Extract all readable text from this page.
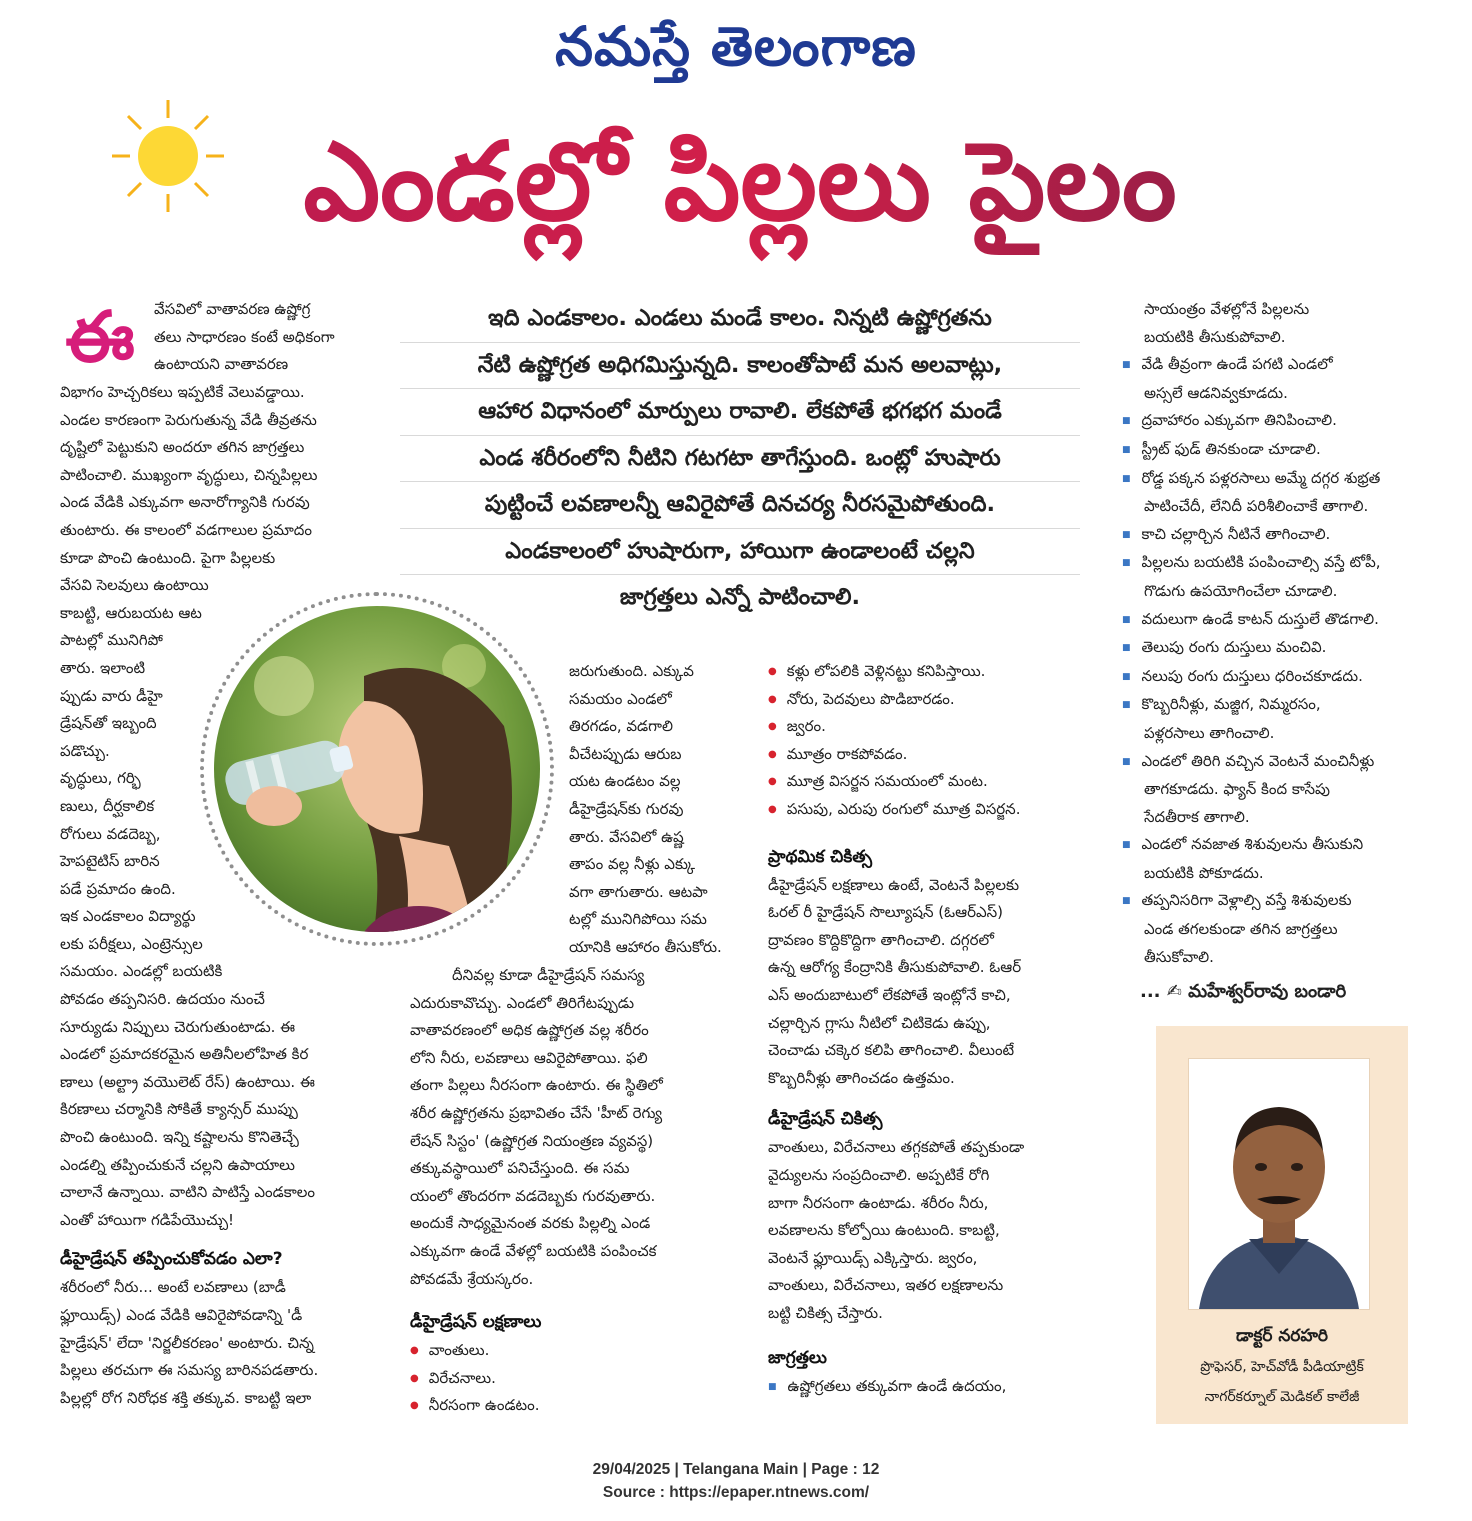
నమస్తే తెలంగాణ
ఎండల్లో పిల్లలు పైలం
ఈ	వేసవిలో వాతావరణ ఉష్ణోగ్ర

తలు సాధారణం కంటే అధికంగా

ఉంటాయని వాతావరణ

విభాగం హెచ్చరికలు ఇప్పటికే వెలువడ్డాయి.

ఎండల కారణంగా పెరుగుతున్న వేడి తీవ్రతను

దృష్టిలో పెట్టుకుని అందరూ తగిన జాగ్రత్తలు

పాటించాలి. ముఖ్యంగా వృద్ధులు, చిన్నపిల్లలు

ఎండ వేడికి ఎక్కువగా అనారోగ్యానికి గురవు

తుంటారు. ఈ కాలంలో వడగాలుల ప్రమాదం

కూడా పొంచి ఉంటుంది. పైగా పిల్లలకు

వేసవి సెలవులు ఉంటాయి

కాబట్టి, ఆరుబయట ఆట

పాటల్లో మునిగిపో

తారు. ఇలాంటి

ప్పుడు వారు డీహై

డ్రేషన్‌తో ఇబ్బంది

పడొచ్చు.

వృద్ధులు, గర్భి

ణులు, దీర్ఘకాలిక

రోగులు వడదెబ్బ,

హెపటైటిస్ బారిన

పడే ప్రమాదం ఉంది.

ఇక ఎండకాలం విద్యార్థు

లకు పరీక్షలు, ఎంట్రెన్సుల

సమయం. ఎండల్లో బయటికి

పోవడం తప్పనిసరి. ఉదయం నుంచే

సూర్యుడు నిప్పులు చెరుగుతుంటాడు. ఈ

ఎండలో ప్రమాదకరమైన అతినీలలోహిత కిర

ణాలు (అల్ట్రా వయొలెట్ రేస్) ఉంటాయి. ఈ

కిరణాలు చర్మానికి సోకితే క్యాన్సర్ ముప్పు

పొంచి ఉంటుంది. ఇన్ని కష్టాలను కొనితెచ్చే

ఎండల్ని తప్పించుకునే చల్లని ఉపాయాలు

చాలానే ఉన్నాయి. వాటిని పాటిస్తే ఎండకాలం

ఎంతో హాయిగా గడిపేయొచ్చు!

డీహైడ్రేషన్ తప్పించుకోవడం ఎలా?

శరీరంలో నీరు... అంటే లవణాలు (బాడీ

ఫ్లూయిడ్స్) ఎండ వేడికి ఆవిరైపోవడాన్ని 'డీ

హైడ్రేషన్' లేదా 'నిర్జలీకరణం' అంటారు. చిన్న

పిల్లలు తరచుగా ఈ సమస్య బారినపడతారు.

పిల్లల్లో రోగ నిరోధక శక్తి తక్కువ. కాబట్టి ఇలా

ఇది ఎండకాలం. ఎండలు మండే కాలం. నిన్నటి ఉష్ణోగ్రతను
నేటి ఉష్ణోగ్రత అధిగమిస్తున్నది. కాలంతోపాటే మన అలవాట్లు,
ఆహార విధానంలో మార్పులు రావాలి. లేకపోతే భగభగ మండే
ఎండ శరీరంలోని నీటిని గటగటా తాగేస్తుంది. ఒంట్లో హుషారు
పుట్టించే లవణాలన్నీ ఆవిరైపోతే దినచర్య నీరసమైపోతుంది.
ఎండకాలంలో హుషారుగా, హాయిగా ఉండాలంటే చల్లని
జాగ్రత్తలు ఎన్నో పాటించాలి.

జరుగుతుంది. ఎక్కువ

సమయం ఎండలో

తిరగడం, వడగాలి

వీచేటప్పుడు ఆరుబ

యట ఉండటం వల్ల

డీహైడ్రేషన్‌కు గురవు

తారు. వేసవిలో ఉష్ణ

తాపం వల్ల నీళ్లు ఎక్కు

వగా తాగుతారు. ఆటపా

టల్లో మునిగిపోయి సమ

యానికి ఆహారం తీసుకోరు.

దీనివల్ల కూడా డీహైడ్రేషన్ సమస్య

ఎదురుకావొచ్చు. ఎండలో తిరిగేటప్పుడు

వాతావరణంలో అధిక ఉష్ణోగ్రత వల్ల శరీరం

లోని నీరు, లవణాలు ఆవిరైపోతాయి. ఫలి

తంగా పిల్లలు నీరసంగా ఉంటారు. ఈ స్థితిలో

శరీర ఉష్ణోగ్రతను ప్రభావితం చేసే 'హీట్ రెగ్యు

లేషన్ సిస్టం' (ఉష్ణోగ్రత నియంత్రణ వ్యవస్థ)

తక్కువస్థాయిలో పనిచేస్తుంది. ఈ సమ

యంలో తొందరగా వడదెబ్బకు గురవుతారు.

అందుకే సాధ్యమైనంత వరకు పిల్లల్ని ఎండ

ఎక్కువగా ఉండే వేళల్లో బయటికి పంపించక

పోవడమే శ్రేయస్కరం.

డీహైడ్రేషన్ లక్షణాలు

● వాంతులు.

● విరేచనాలు.

● నీరసంగా ఉండటం.

● కళ్లు లోపలికి వెళ్లినట్టు కనిపిస్తాయి.

● నోరు, పెదవులు పొడిబారడం.

● జ్వరం.

● మూత్రం రాకపోవడం.

● మూత్ర విసర్జన సమయంలో మంట.

● పసుపు, ఎరుపు రంగులో మూత్ర విసర్జన.

ప్రాథమిక చికిత్స

డీహైడ్రేషన్ లక్షణాలు ఉంటే, వెంటనే పిల్లలకు

ఓరల్ రీ హైడ్రేషన్ సొల్యూషన్ (ఓఆర్ఎస్)

ద్రావణం కొద్దికొద్దిగా తాగించాలి. దగ్గరలో

ఉన్న ఆరోగ్య కేంద్రానికి తీసుకుపోవాలి. ఓఆర్

ఎస్ అందుబాటులో లేకపోతే ఇంట్లోనే కాచి,

చల్లార్చిన గ్లాసు నీటిలో చిటికెడు ఉప్పు,

చెంచాడు చక్కెర కలిపి తాగించాలి. వీలుంటే

కొబ్బరినీళ్లు తాగించడం ఉత్తమం.

డీహైడ్రేషన్ చికిత్స

వాంతులు, విరేచనాలు తగ్గకపోతే తప్పకుండా

వైద్యులను సంప్రదించాలి. అప్పటికే రోగి

బాగా నీరసంగా ఉంటాడు. శరీరం నీరు,

లవణాలను కోల్పోయి ఉంటుంది. కాబట్టి,

వెంటనే ఫ్లూయిడ్స్ ఎక్కిస్తారు. జ్వరం,

వాంతులు, విరేచనాలు, ఇతర లక్షణాలను

బట్టి చికిత్స చేస్తారు.

జాగ్రత్తలు

■ ఉష్ణోగ్రతలు తక్కువగా ఉండే ఉదయం,

సాయంత్రం వేళల్లోనే పిల్లలను

బయటికి తీసుకుపోవాలి.

■ వేడి తీవ్రంగా ఉండే పగటి ఎండలో

అస్సలే ఆడనివ్వకూడదు.

■ ద్రవాహారం ఎక్కువగా తినిపించాలి.

■ స్ట్రీట్ ఫుడ్ తినకుండా చూడాలి.

■ రోడ్డ పక్కన పళ్లరసాలు అమ్మే దగ్గర శుభ్రత

పాటించేదీ, లేనిదీ పరిశీలించాకే తాగాలి.

■ కాచి చల్లార్చిన నీటినే తాగించాలి.

■ పిల్లలను బయటికి పంపించాల్సి వస్తే టోపీ,

గొడుగు ఉపయోగించేలా చూడాలి.

■ వదులుగా ఉండే కాటన్ దుస్తులే తొడగాలి.

■ తెలుపు రంగు దుస్తులు మంచివి.

■ నలుపు రంగు దుస్తులు ధరించకూడదు.

■ కొబ్బరినీళ్లు, మజ్జిగ, నిమ్మరసం,

పళ్లరసాలు తాగించాలి.

■ ఎండలో తిరిగి వచ్చిన వెంటనే మంచినీళ్లు

తాగకూడదు. ఫ్యాన్ కింద కాసేపు

సేదతీరాక తాగాలి.

■ ఎండలో నవజాత శిశువులను తీసుకుని

బయటికి పోకూడదు.

■ తప్పనిసరిగా వెళ్లాల్సి వస్తే శిశువులకు

ఎండ తగలకుండా తగిన జాగ్రత్తలు

తీసుకోవాలి.

... ✍ మహేశ్వర్‌రావు బండారి
డాక్టర్ నరహరి
ప్రొఫెసర్, హెచ్‌వోడీ పీడియాట్రిక్
నాగర్‌కర్నూల్ మెడికల్ కాలేజీ
29/04/2025 | Telangana Main | Page : 12
Source : https://epaper.ntnews.com/
